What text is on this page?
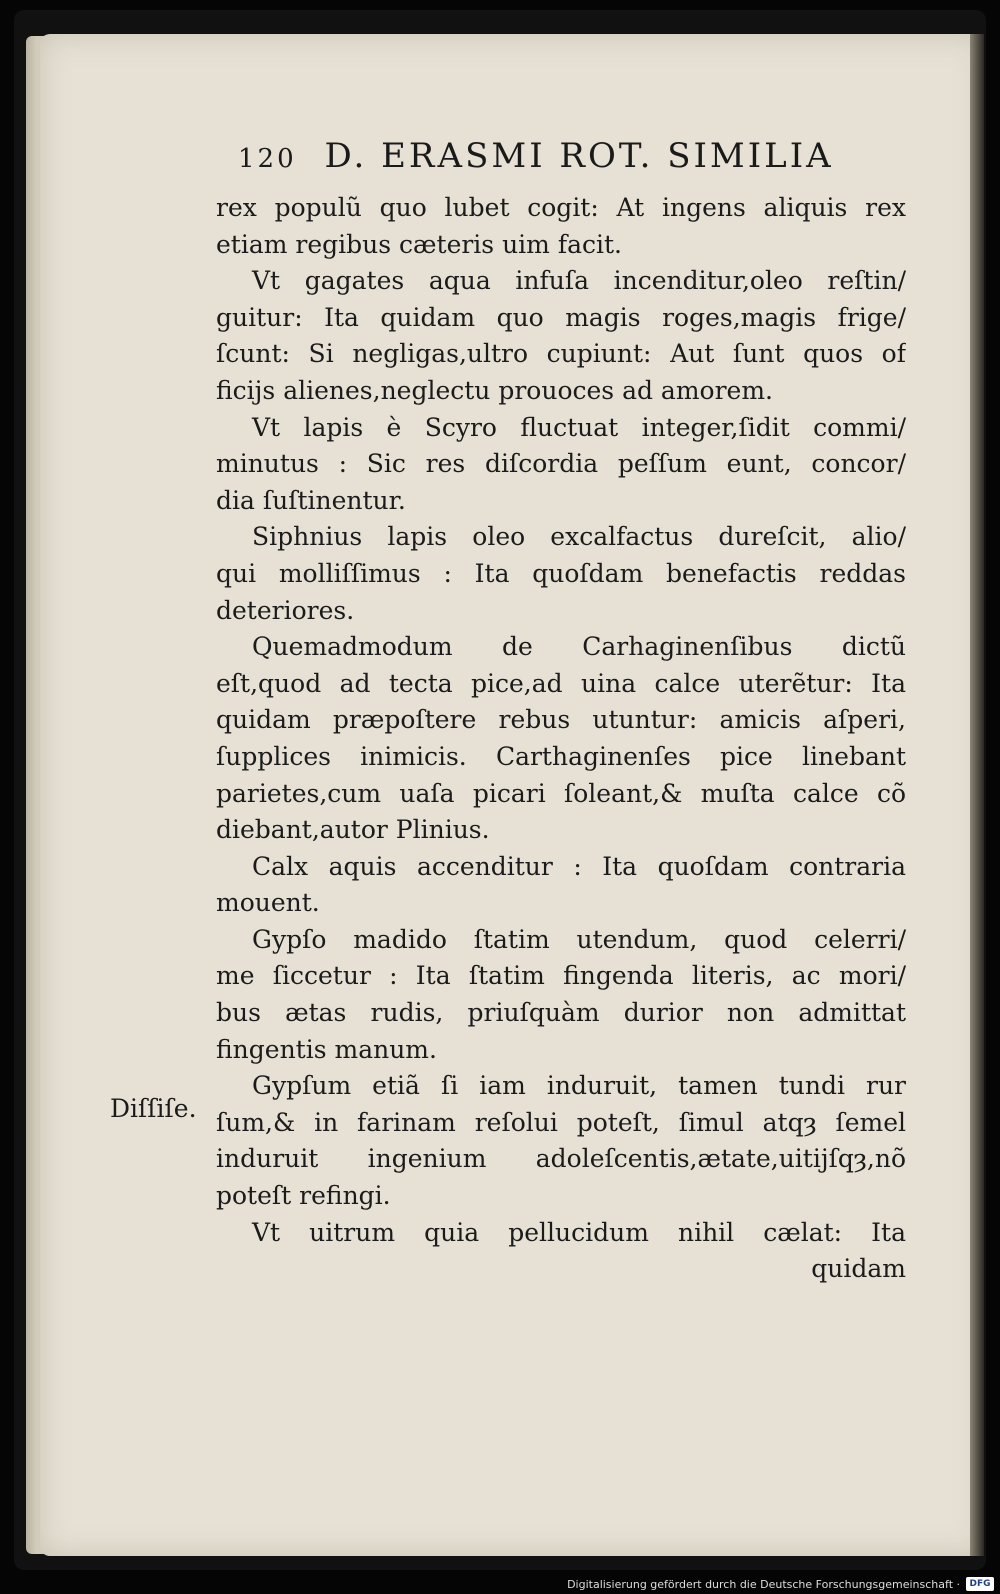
120 D. ERASMI ROT. SIMILIA
rex populũ quo lubet cogit: At ingens aliquis rex
etiam regibus cæteris uim facit.
Vt gagates aqua infuſa incenditur,oleo reſtin/
guitur: Ita quidam quo magis roges,magis frige/
ſcunt: Si negligas,ultro cupiunt: Aut ſunt quos of
ficijs alienes,neglectu prouoces ad amorem.
Vt lapis è Scyro fluctuat integer,ſidit commi/
minutus : Sic res diſcordia peſſum eunt, concor/
dia ſuſtinentur.
Siphnius lapis oleo excalfactus dureſcit, alio/
qui molliſſimus : Ita quoſdam benefactis reddas
deteriores.
Quemadmodum de Carhaginenſibus dictũ
eſt,quod ad tecta pice,ad uina calce uterẽtur: Ita
quidam præpoſtere rebus utuntur: amicis aſperi,
ſupplices inimicis. Carthaginenſes pice linebant
parietes,cum uaſa picari ſoleant,& muſta calce cõ
diebant,autor Plinius.
Calx aquis accenditur : Ita quoſdam contraria
mouent.
Gypſo madido ſtatim utendum, quod celerri/
me ſiccetur : Ita ſtatim fingenda literis, ac mori/
bus ætas rudis, priuſquàm durior non admittat
fingentis manum.
Gypſum etiã ſi iam induruit, tamen tundi rur
ſum,& in farinam reſolui poteſt, ſimul atqȝ ſemel
induruit ingenium adoleſcentis,ætate,uitijſqȝ,nõ
poteſt refingi.
Vt uitrum quia pellucidum nihil cælat: Ita
quidam
Diſſiſe.
Digitalisierung gefördert durch die Deutsche Forschungsgemeinschaft ·	DFG
